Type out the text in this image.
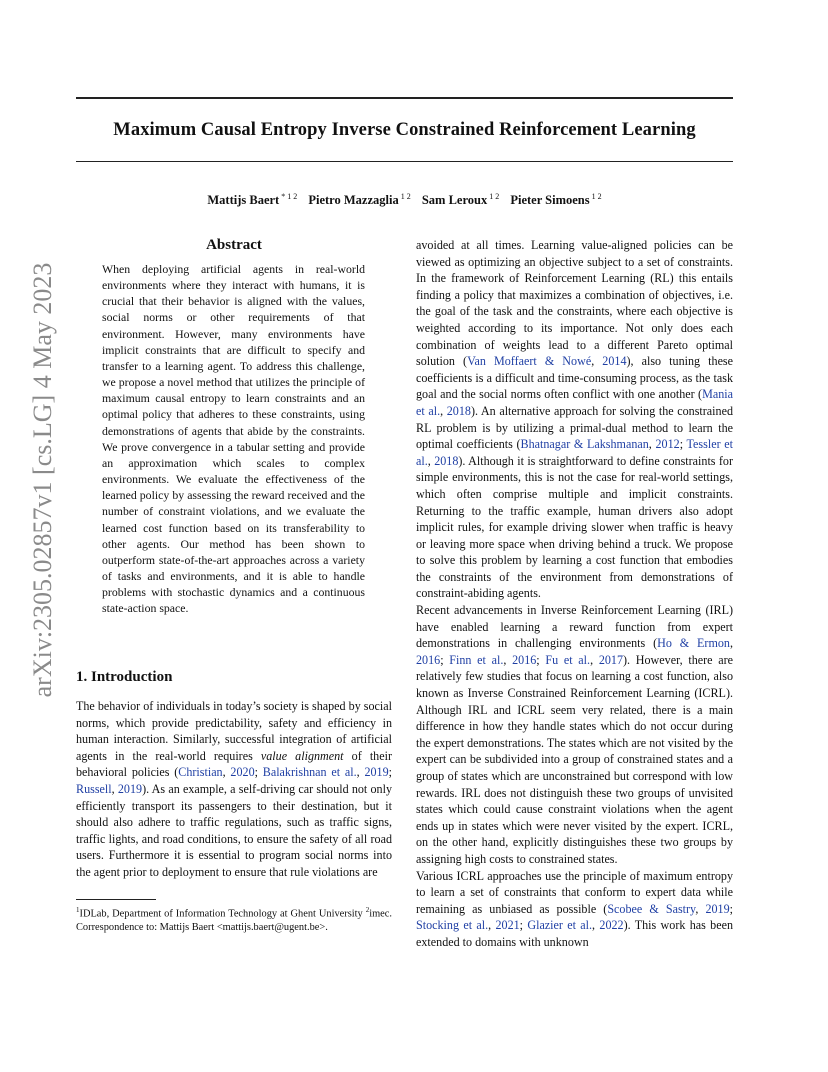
Maximum Causal Entropy Inverse Constrained Reinforcement Learning
Mattijs Baert $^{* 1 2}$ Pietro Mazzaglia $^{1 2}$ Sam Leroux $^{1 2}$ Pieter Simoens $^{1 2}$
arXiv:2305.02857v1 [cs.LG] 4 May 2023
Abstract

When deploying artificial agents in real-world environments where they interact with humans, it is crucial that their behavior is aligned with the values, social norms or other requirements of that environment. However, many environments have implicit constraints that are difficult to specify and transfer to a learning agent. To address this challenge, we propose a novel method that utilizes the principle of maximum causal entropy to learn constraints and an optimal policy that adheres to these constraints, using demonstrations of agents that abide by the constraints. We prove convergence in a tabular setting and provide an approximation which scales to complex environments. We evaluate the effectiveness of the learned policy by assessing the reward received and the number of constraint violations, and we evaluate the learned cost function based on its transferability to other agents. Our method has been shown to outperform state-of-the-art approaches across a variety of tasks and environments, and it is able to handle problems with stochastic dynamics and a continuous state-action space.

1. Introduction

The behavior of individuals in today’s society is shaped by social norms, which provide predictability, safety and efficiency in human interaction. Similarly, successful integration of artificial agents in the real-world requires value alignment of their behavioral policies (Christian, 2020; Balakrishnan et al., 2019; Russell, 2019). As an example, a self-driving car should not only efficiently transport its passengers to their destination, but it should also adhere to traffic regulations, such as traffic signs, traffic lights, and road conditions, to ensure the safety of all road users. Furthermore it is essential to program social norms into the agent prior to deployment to ensure that rule violations are

$^1$IDLab, Department of Information Technology at Ghent University $^2$imec. Correspondence to: Mattijs Baert <mattijs.baert@ugent.be>.

avoided at all times. Learning value-aligned policies can be viewed as optimizing an objective subject to a set of constraints. In the framework of Reinforcement Learning (RL) this entails finding a policy that maximizes a combination of objectives, i.e. the goal of the task and the constraints, where each objective is weighted according to its importance. Not only does each combination of weights lead to a different Pareto optimal solution (Van Moffaert & Nowé, 2014), also tuning these coefficients is a difficult and time-consuming process, as the task goal and the social norms often conflict with one another (Mania et al., 2018). An alternative approach for solving the constrained RL problem is by utilizing a primal-dual method to learn the optimal coefficients (Bhatnagar & Lakshmanan, 2012; Tessler et al., 2018). Although it is straightforward to define constraints for simple environments, this is not the case for real-world settings, which often comprise multiple and implicit constraints. Returning to the traffic example, human drivers also adopt implicit rules, for example driving slower when traffic is heavy or leaving more space when driving behind a truck. We propose to solve this problem by learning a cost function that embodies the constraints of the environment from demonstrations of constraint-abiding agents.

Recent advancements in Inverse Reinforcement Learning (IRL) have enabled learning a reward function from expert demonstrations in challenging environments (Ho & Ermon, 2016; Finn et al., 2016; Fu et al., 2017). However, there are relatively few studies that focus on learning a cost function, also known as Inverse Constrained Reinforcement Learning (ICRL). Although IRL and ICRL seem very related, there is a main difference in how they handle states which do not occur during the expert demonstrations. The states which are not visited by the expert can be subdivided into a group of constrained states and a group of states which are unconstrained but correspond with low rewards. IRL does not distinguish these two groups of unvisited states which could cause constraint violations when the agent ends up in states which were never visited by the expert. ICRL, on the other hand, explicitly distinguishes these two groups by assigning high costs to constrained states.

Various ICRL approaches use the principle of maximum entropy to learn a set of constraints that conform to expert data while remaining as unbiased as possible (Scobee & Sastry, 2019; Stocking et al., 2021; Glazier et al., 2022). This work has been extended to domains with unknown
